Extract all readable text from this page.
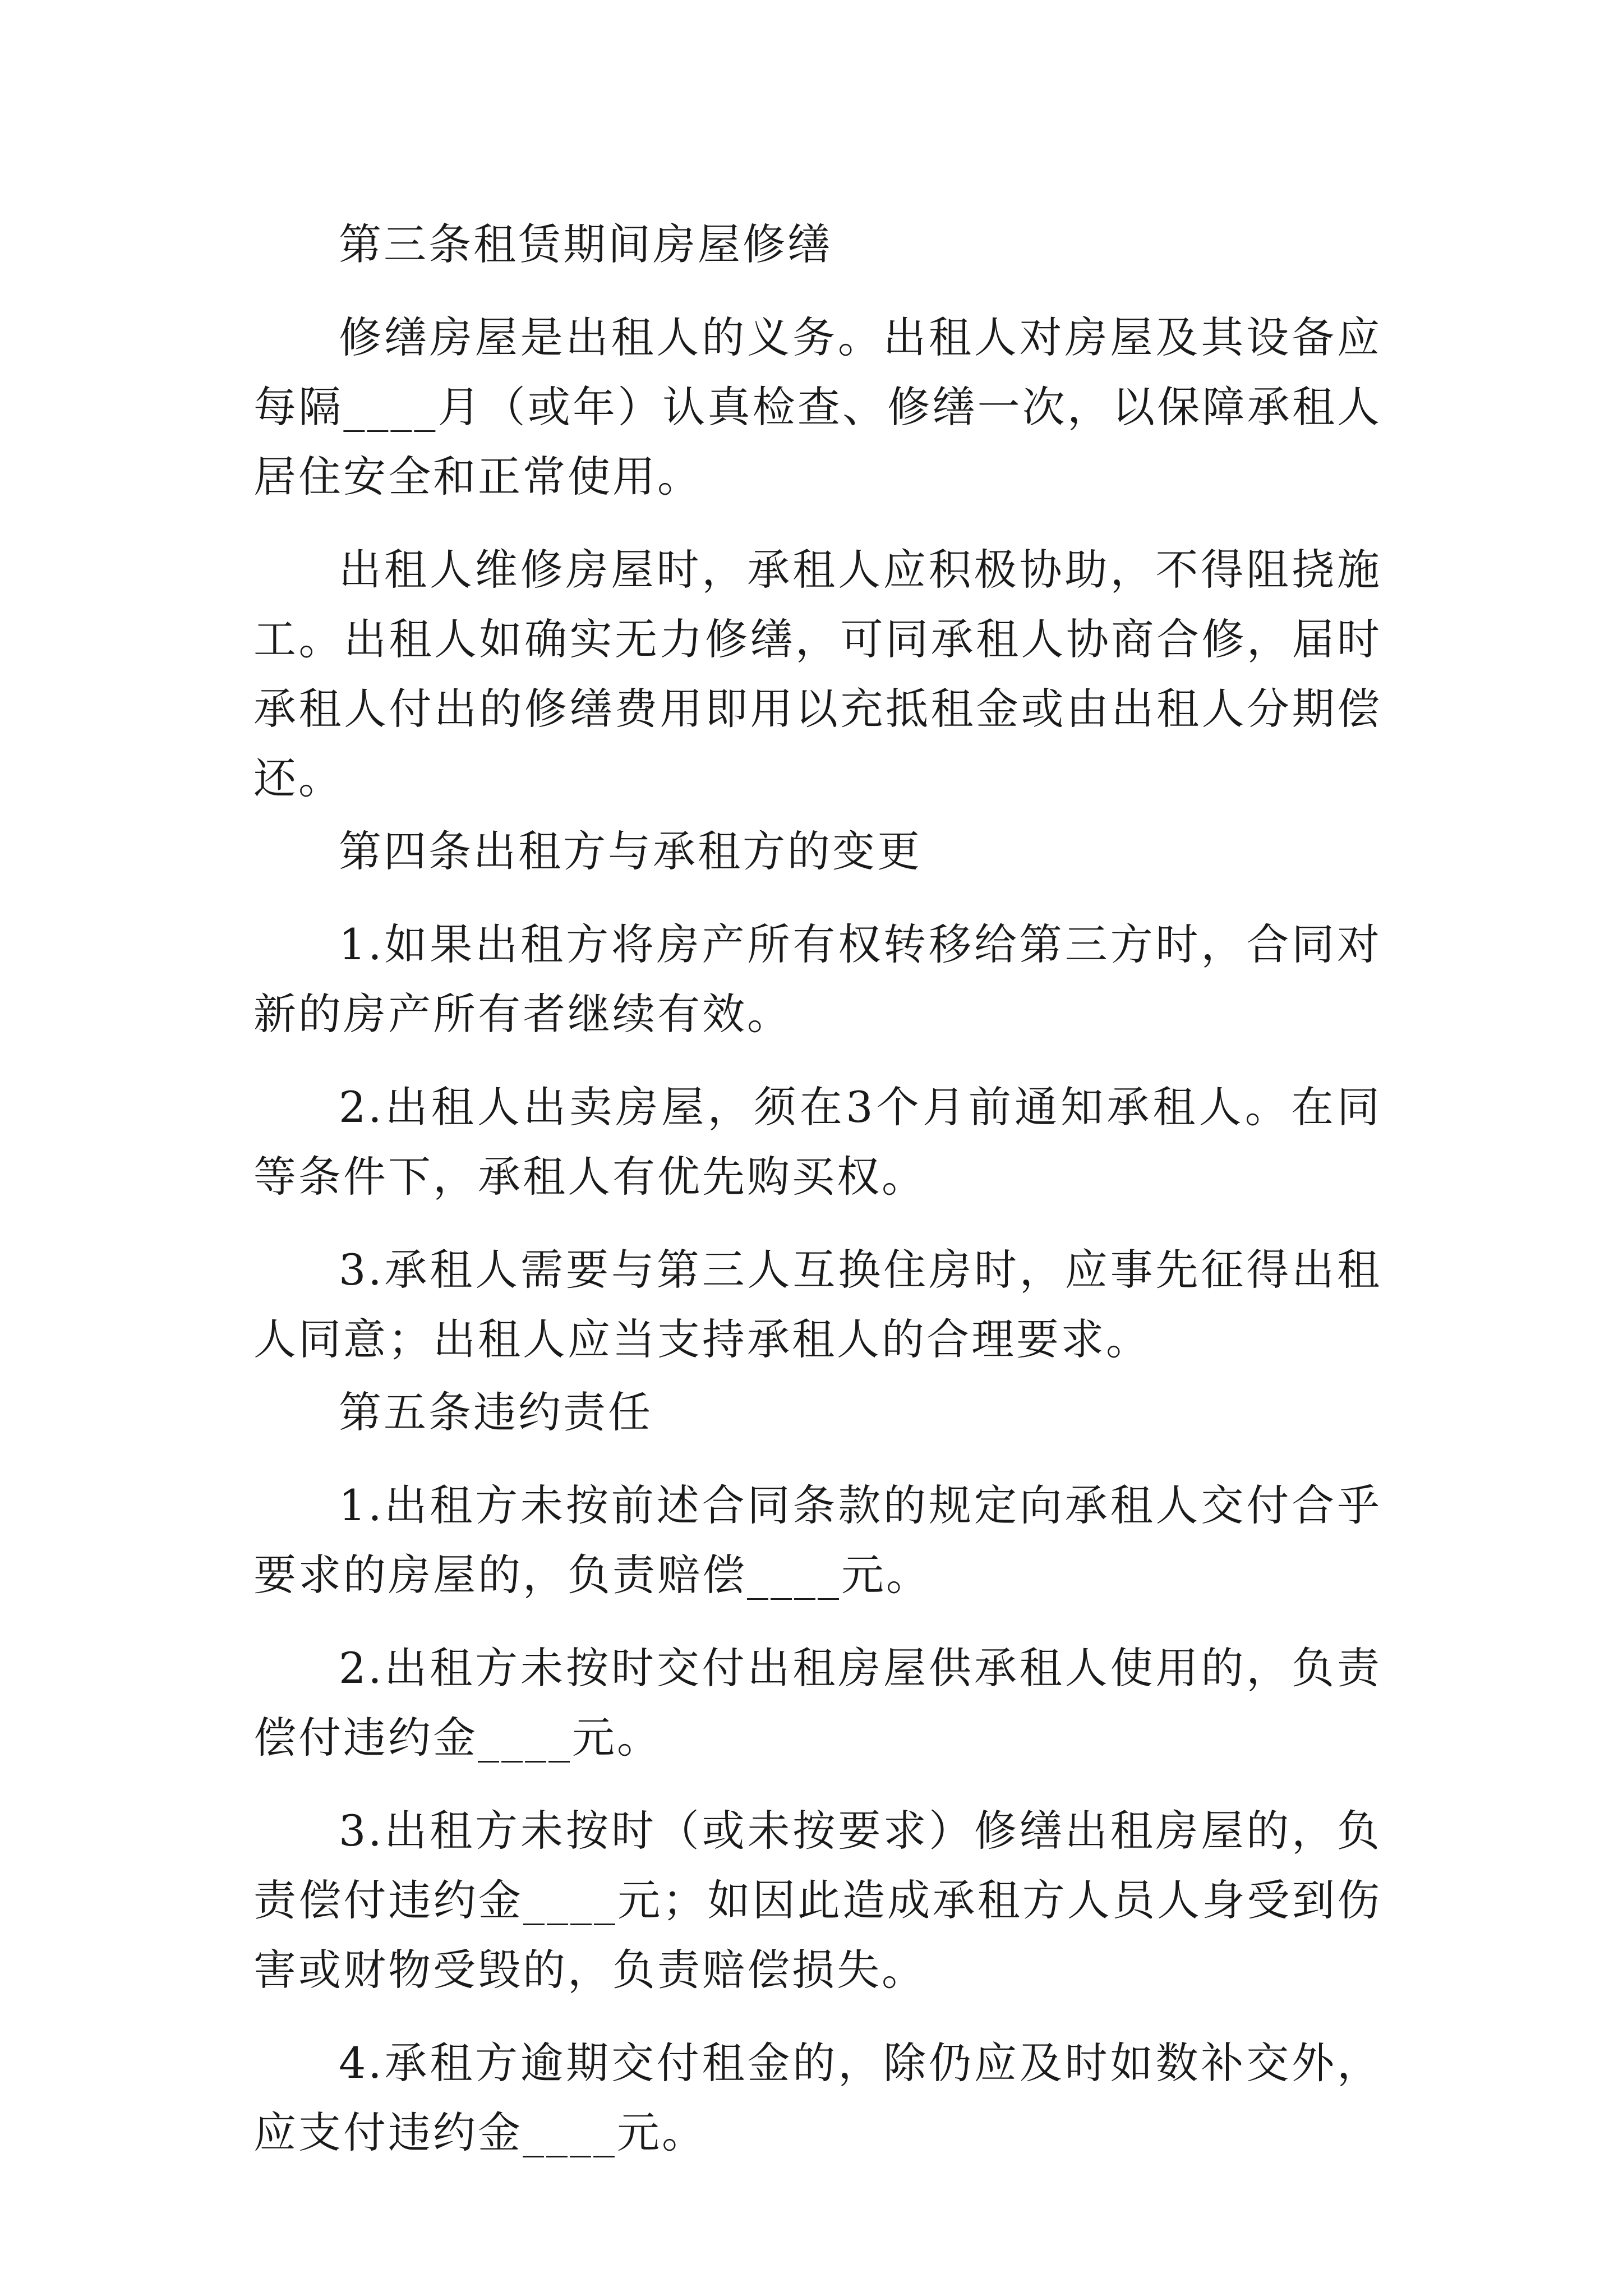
第三条租赁期间房屋修缮

修缮房屋是出租人的义务。出租人对房屋及其设备应每隔____月（或年）认真检查、修缮一次，以保障承租人居住安全和正常使用。

出租人维修房屋时，承租人应积极协助，不得阻挠施工。出租人如确实无力修缮，可同承租人协商合修，届时承租人付出的修缮费用即用以充抵租金或由出租人分期偿还。

第四条出租方与承租方的变更

1.如果出租方将房产所有权转移给第三方时，合同对新的房产所有者继续有效。

2.出租人出卖房屋，须在3个月前通知承租人。在同等条件下，承租人有优先购买权。

3.承租人需要与第三人互换住房时，应事先征得出租人同意；出租人应当支持承租人的合理要求。

第五条违约责任

1.出租方未按前述合同条款的规定向承租人交付合乎要求的房屋的，负责赔偿____元。

2.出租方未按时交付出租房屋供承租人使用的，负责偿付违约金____元。

3.出租方未按时（或未按要求）修缮出租房屋的，负责偿付违约金____元；如因此造成承租方人员人身受到伤害或财物受毁的，负责赔偿损失。

4.承租方逾期交付租金的，除仍应及时如数补交外，应支付违约金____元。
